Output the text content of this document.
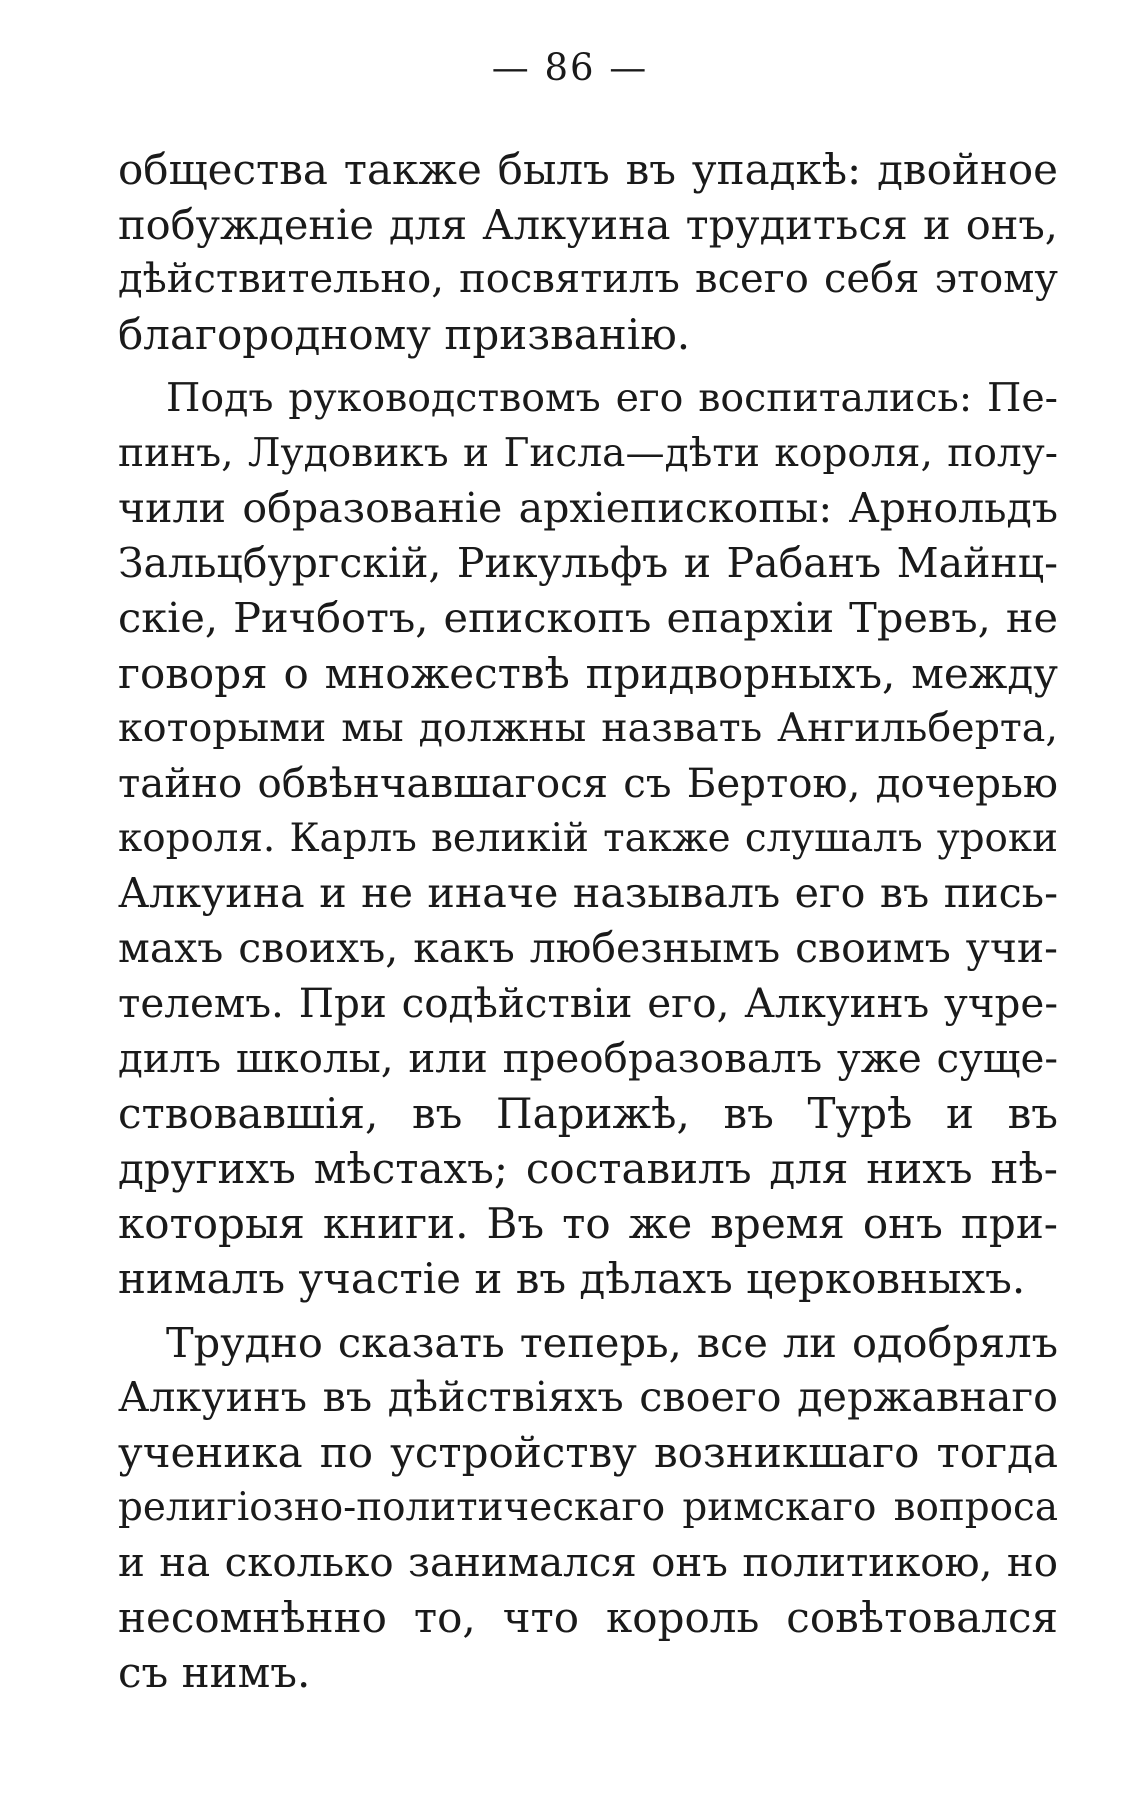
— 86 —
общества также былъ въ упадкѣ: двойное
побужденіе для Алкуина трудиться и онъ,
дѣйствительно, посвятилъ всего себя этому
благородному призванію.
Подъ руководствомъ его воспитались: Пе-
пинъ, Лудовикъ и Гисла—дѣти короля, полу-
чили образованіе архіепископы: Арнольдъ
Зальцбургскій, Рикульфъ и Рабанъ Майнц-
скіе, Ричботъ, епископъ епархіи Тревъ, не
говоря о множествѣ придворныхъ, между
которыми мы должны назвать Ангильберта,
тайно обвѣнчавшагося съ Бертою, дочерью
короля. Карлъ великій также слушалъ уроки
Алкуина и не иначе называлъ его въ пись-
махъ своихъ, какъ любезнымъ своимъ учи-
телемъ. При содѣйствіи его, Алкуинъ учре-
дилъ школы, или преобразовалъ уже суще-
ствовавшія, въ Парижѣ, въ Турѣ и въ
другихъ мѣстахъ; составилъ для нихъ нѣ-
которыя книги. Въ то же время онъ при-
нималъ участіе и въ дѣлахъ церковныхъ.
Трудно сказать теперь, все ли одобрялъ
Алкуинъ въ дѣйствіяхъ своего державнаго
ученика по устройству возникшаго тогда
религіозно-политическаго римскаго вопроса
и на сколько занимался онъ политикою, но
несомнѣнно то, что король совѣтовался
съ нимъ.
